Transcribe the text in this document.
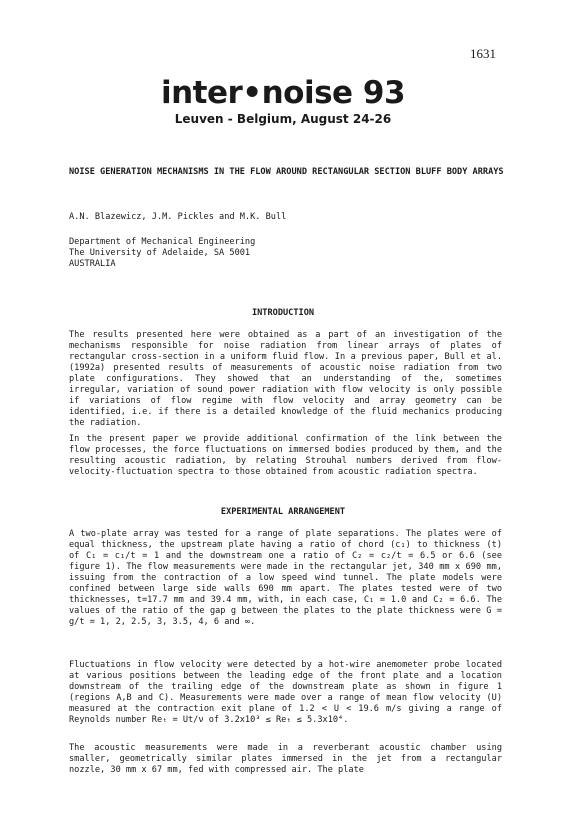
1631
inter•noise 93
Leuven - Belgium, August 24-26
NOISE GENERATION MECHANISMS IN THE FLOW AROUND RECTANGULAR SECTION BLUFF BODY ARRAYS
A.N. Blazewicz, J.M. Pickles and M.K. Bull
Department of Mechanical Engineering
The University of Adelaide, SA 5001
AUSTRALIA
INTRODUCTION
The results presented here were obtained as a part of an investigation of the mechanisms responsible for noise radiation from linear arrays of plates of rectangular cross-section in a uniform fluid flow. In a previous paper, Bull et al. (1992a) presented results of measurements of acoustic noise radiation from two plate configurations. They showed that an understanding of the, sometimes irregular, variation of sound power radiation with flow velocity is only possible if variations of flow regime with flow velocity and array geometry can be identified, i.e. if there is a detailed knowledge of the fluid mechanics producing the radiation.
In the present paper we provide additional confirmation of the link between the flow processes, the force fluctuations on immersed bodies produced by them, and the resulting acoustic radiation, by relating Strouhal numbers derived from flow-velocity-fluctuation spectra to those obtained from acoustic radiation spectra.
EXPERIMENTAL ARRANGEMENT
A two-plate array was tested for a range of plate separations. The plates were of equal thickness, the upstream plate having a ratio of chord (c₁) to thickness (t) of C₁ = c₁/t = 1 and the downstream one a ratio of C₂ = c₂/t = 6.5 or 6.6 (see figure 1). The flow measurements were made in the rectangular jet, 340 mm x 690 mm, issuing from the contraction of a low speed wind tunnel. The plate models were confined between large side walls 690 mm apart. The plates tested were of two thicknesses, t=17.7 mm and 39.4 mm, with, in each case, C₁ = 1.0 and C₂ = 6.6. The values of the ratio of the gap g between the plates to the plate thickness were G = g/t = 1, 2, 2.5, 3, 3.5, 4, 6 and ∞.
Fluctuations in flow velocity were detected by a hot-wire anemometer probe located at various positions between the leading edge of the front plate and a location downstream of the trailing edge of the downstream plate as shown in figure 1 (regions A,B and C). Measurements were made over a range of mean flow velocity (U) measured at the contraction exit plane of 1.2 < U < 19.6 m/s giving a range of Reynolds number Reₜ = Ut/ν of 3.2x10³ ≤ Reₜ ≤ 5.3x10⁴.
The acoustic measurements were made in a reverberant acoustic chamber using smaller, geometrically similar plates immersed in the jet from a rectangular nozzle, 30 mm x 67 mm, fed with compressed air. The plate
